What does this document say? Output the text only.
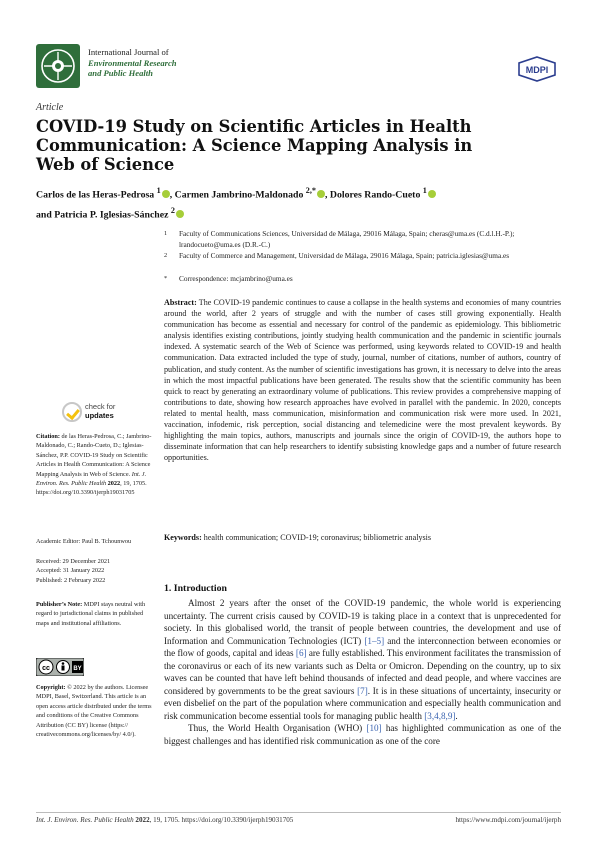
International Journal of
Environmental Research
and Public Health	MDPI
Article
COVID-19 Study on Scientific Articles in Health Communication: A Science Mapping Analysis in Web of Science
Carlos de las Heras-Pedrosa $^1$ , Carmen Jambrino-Maldonado $^{2,*}$ , Dolores Rando-Cueto $^1$
and Patricia P. Iglesias-Sánchez $^2$
1 Faculty of Communications Sciences, Universidad de Málaga, 29016 Málaga, Spain; cheras@uma.es (C.d.l.H.-P.); lrandocueto@uma.es (D.R.-C.)
2 Faculty of Commerce and Management, Universidad de Málaga, 29016 Málaga, Spain; patricia.iglesias@uma.es
* Correspondence: mcjambrino@uma.es
Abstract: The COVID-19 pandemic continues to cause a collapse in the health systems and economies of many countries around the world, after 2 years of struggle and with the number of cases still growing exponentially. Health communication has become as essential and necessary for control of the pandemic as epidemiology. This bibliometric analysis identifies existing contributions, jointly studying health communication and the pandemic in scientific journals indexed. A systematic search of the Web of Science was performed, using keywords related to COVID-19 and health communication. Data extracted included the type of study, journal, number of citations, number of authors, country of publication, and study content. As the number of scientific investigations has grown, it is necessary to delve into the areas in which the most impactful publications have been generated. The results show that the scientific community has been quick to react by generating an extraordinary volume of publications. This review provides a comprehensive mapping of contributions to date, showing how research approaches have evolved in parallel with the pandemic. In 2020, concepts related to mental health, mass communication, misinformation and communication risk were more used. In 2021, vaccination, infodemic, risk perception, social distancing and telemedicine were the most prevalent keywords. By highlighting the main topics, authors, manuscripts and journals since the origin of COVID-19, the authors hope to disseminate information that can help researchers to identify subsisting knowledge gaps and a number of future research opportunities.
Keywords: health communication; COVID-19; coronavirus; bibliometric analysis
check for
updates
Citation: de las Heras-Pedrosa, C.; Jambrino-Maldonado, C.; Rando-Cueto, D.; Iglesias-Sánchez, P.P. COVID-19 Study on Scientific Articles in Health Communication: A Science Mapping Analysis in Web of Science. Int. J. Environ. Res. Public Health 2022, 19, 1705. https://doi.org/10.3390/ijerph19031705
Academic Editor: Paul B. Tchounwou
Received: 29 December 2021
Accepted: 31 January 2022
Published: 2 February 2022
Publisher’s Note: MDPI stays neutral with regard to jurisdictional claims in published maps and institutional affiliations.
cc	BY
Copyright: © 2022 by the authors. Licensee MDPI, Basel, Switzerland. This article is an open access article distributed under the terms and conditions of the Creative Commons Attribution (CC BY) license (https:// creativecommons.org/licenses/by/ 4.0/).
1. Introduction

Almost 2 years after the onset of the COVID-19 pandemic, the whole world is experiencing uncertainty. The current crisis caused by COVID-19 is taking place in a context that is unprecedented for society. In this globalised world, the transit of people between countries, the development and use of Information and Communication Technologies (ICT) [1–5] and the interconnection between economies or the flow of goods, capital and ideas [6] are fully established. This environment facilitates the transmission of the coronavirus or each of its new variants such as Delta or Omicron. Depending on the country, up to six waves can be counted that have left behind thousands of infected and dead people, and where vaccines are considered by governments to be the great saviours [7]. It is in these situations of uncertainty, insecurity or even disbelief on the part of the population where communication and especially health communication and risk communication become essential tools for managing public health [3,4,8,9].

Thus, the World Health Organisation (WHO) [10] has highlighted communication as one of the biggest challenges and has identified risk communication as one of the core

Int. J. Environ. Res. Public Health 2022, 19, 1705. https://doi.org/10.3390/ijerph19031705	https://www.mdpi.com/journal/ijerph
